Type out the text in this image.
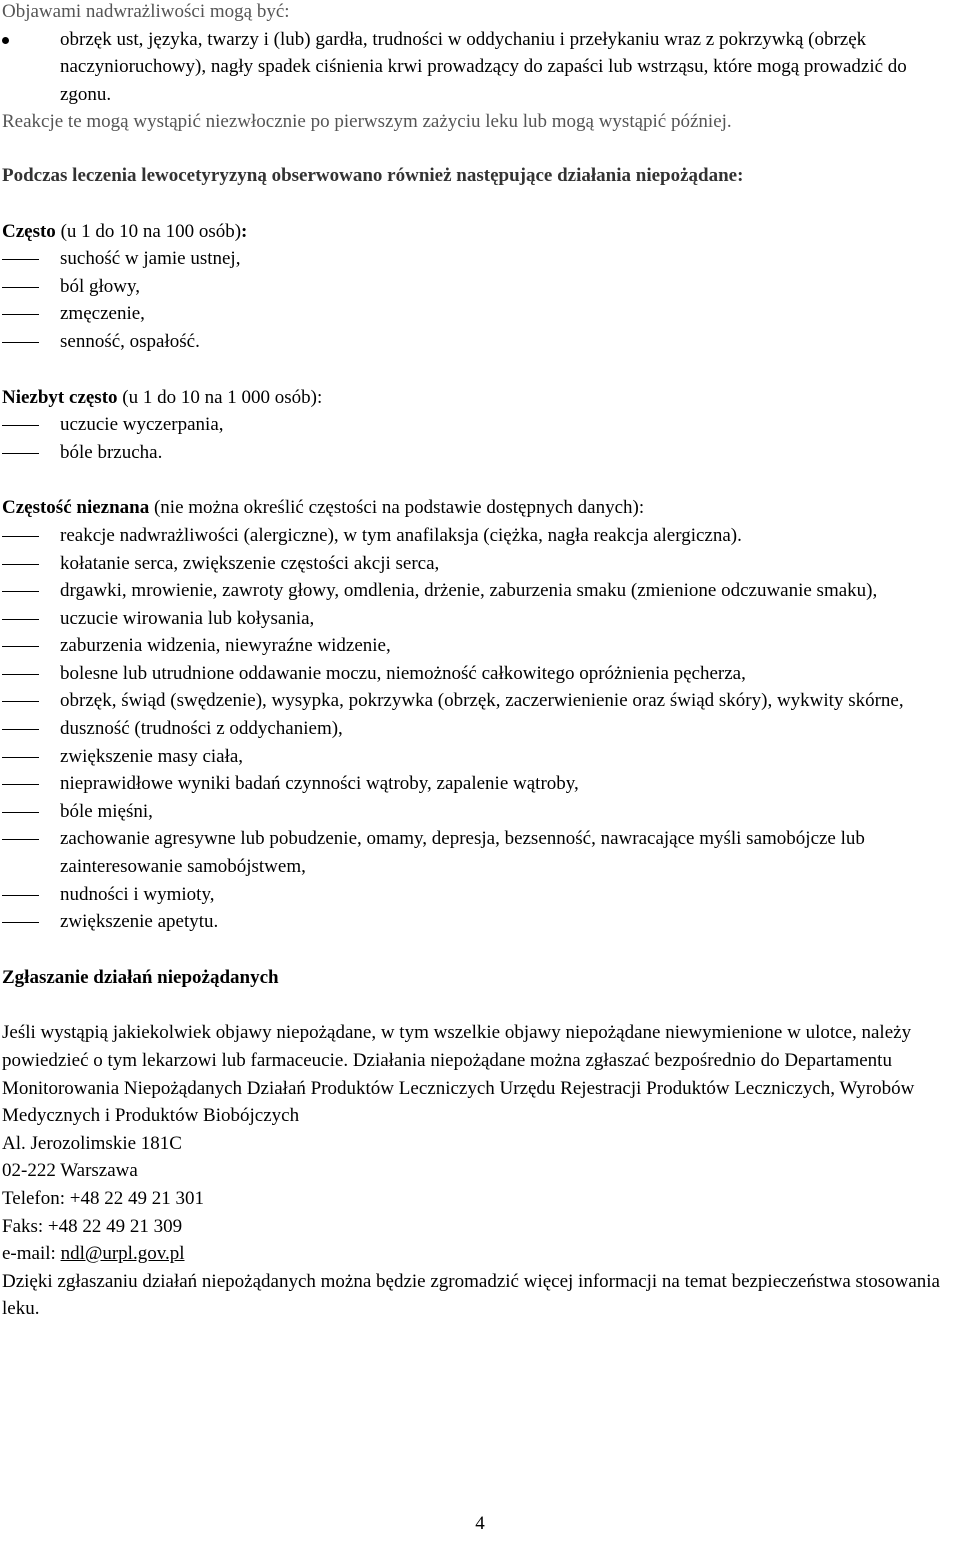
Objawami nadwrażliwości mogą być:

obrzęk ust, języka, twarzy i (lub) gardła, trudności w oddychaniu i przełykaniu wraz z pokrzywką (obrzęk naczynioruchowy), nagły spadek ciśnienia krwi prowadzący do zapaści lub wstrząsu, które mogą prowadzić do zgonu.

Reakcje te mogą wystąpić niezwłocznie po pierwszym zażyciu leku lub mogą wystąpić później.

Podczas leczenia lewocetyryzyną obserwowano również następujące działania niepożądane:

Często (u 1 do 10 na 100 osób):

suchość w jamie ustnej,
ból głowy,
zmęczenie,
senność, ospałość.

Niezbyt często (u 1 do 10 na 1 000 osób):

uczucie wyczerpania,
bóle brzucha.

Częstość nieznana (nie można określić częstości na podstawie dostępnych danych):

reakcje nadwrażliwości (alergiczne), w tym anafilaksja (ciężka, nagła reakcja alergiczna).
kołatanie serca, zwiększenie częstości akcji serca,
drgawki, mrowienie, zawroty głowy, omdlenia, drżenie, zaburzenia smaku (zmienione odczuwanie smaku),
uczucie wirowania lub kołysania,
zaburzenia widzenia, niewyraźne widzenie,
bolesne lub utrudnione oddawanie moczu, niemożność całkowitego opróżnienia pęcherza,
obrzęk, świąd (swędzenie), wysypka, pokrzywka (obrzęk, zaczerwienienie oraz świąd skóry), wykwity skórne,
duszność (trudności z oddychaniem),
zwiększenie masy ciała,
nieprawidłowe wyniki badań czynności wątroby, zapalenie wątroby,
bóle mięśni,
zachowanie agresywne lub pobudzenie, omamy, depresja, bezsenność, nawracające myśli samobójcze lub zainteresowanie samobójstwem,
nudności i wymioty,
zwiększenie apetytu.

Zgłaszanie działań niepożądanych

Jeśli wystąpią jakiekolwiek objawy niepożądane, w tym wszelkie objawy niepożądane niewymienione w ulotce, należy powiedzieć o tym lekarzowi lub farmaceucie. Działania niepożądane można zgłaszać bezpośrednio do Departamentu Monitorowania Niepożądanych Działań Produktów Leczniczych Urzędu Rejestracji Produktów Leczniczych, Wyrobów Medycznych i Produktów Biobójczych

Al. Jerozolimskie 181C

02-222 Warszawa

Telefon: +48 22 49 21 301

Faks: +48 22 49 21 309

e-mail: ndl@urpl.gov.pl

Dzięki zgłaszaniu działań niepożądanych można będzie zgromadzić więcej informacji na temat bezpieczeństwa stosowania leku.

4
